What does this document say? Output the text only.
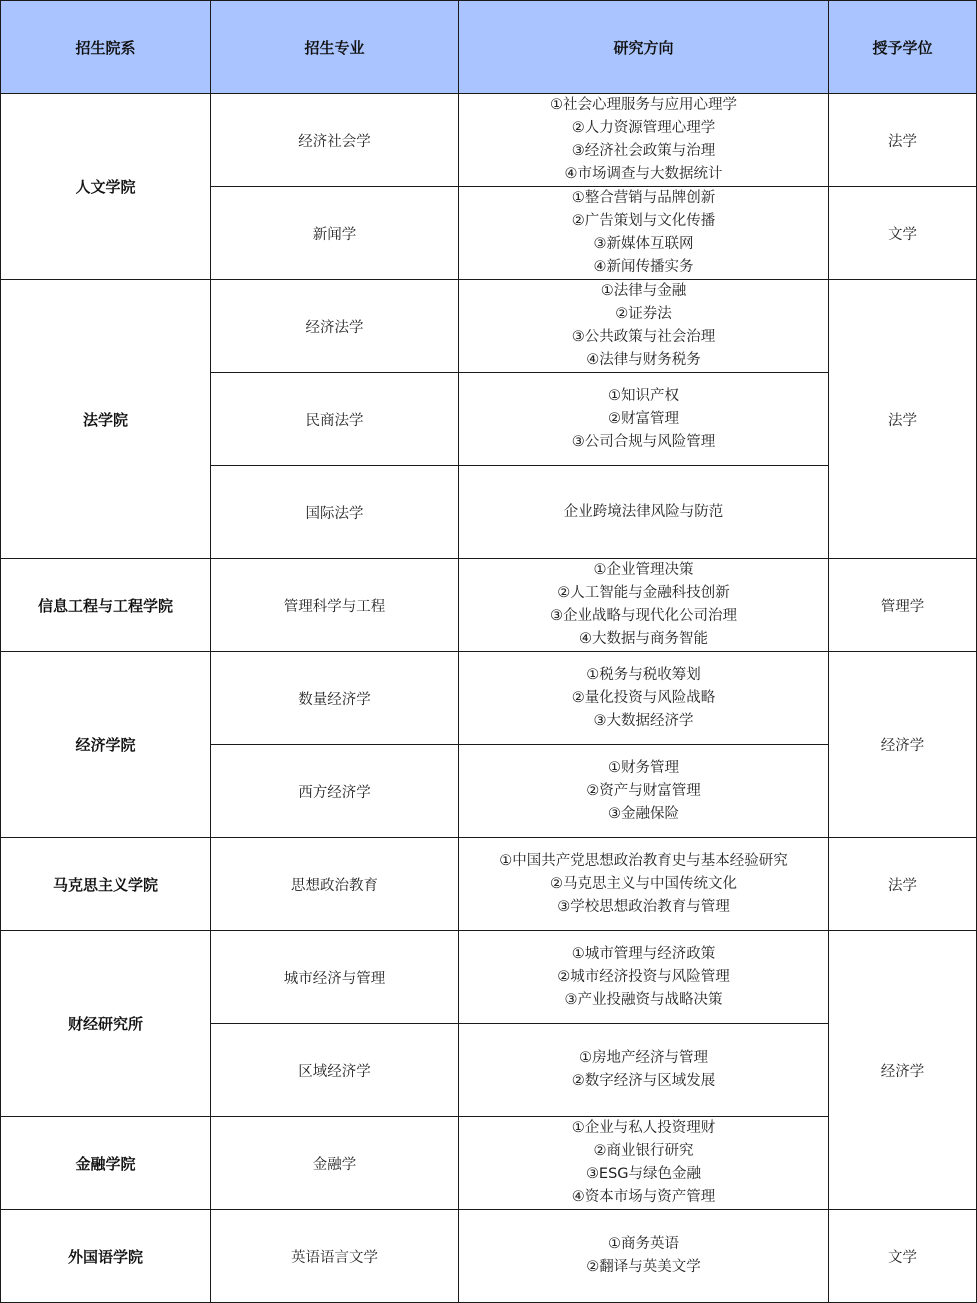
招生院系	招生专业	研究方向	授予学位
人文学院	经济社会学	①社会心理服务与应用心理学
②人力资源管理心理学
③经济社会政策与治理
④市场调查与大数据统计	法学
	新闻学	①整合营销与品牌创新
②广告策划与文化传播
③新媒体互联网
④新闻传播实务	文学
法学院	经济法学	①法律与金融
②证券法
③公共政策与社会治理
④法律与财务税务	法学
	民商法学	①知识产权
②财富管理
③公司合规与风险管理	

	国际法学	企业跨境法律风险与防范	

信息工程与工程学院	管理科学与工程	①企业管理决策
②人工智能与金融科技创新
③企业战略与现代化公司治理
④大数据与商务智能	管理学
经济学院	数量经济学	①税务与税收筹划
②量化投资与风险战略
③大数据经济学	经济学
	西方经济学	①财务管理
②资产与财富管理
③金融保险	

马克思主义学院	思想政治教育	①中国共产党思想政治教育史与基本经验研究
②马克思主义与中国传统文化
③学校思想政治教育与管理	法学
财经研究所	城市经济与管理	①城市管理与经济政策
②城市经济投资与风险管理
③产业投融资与战略决策	经济学
	区域经济学	①房地产经济与管理
②数字经济与区域发展	

金融学院	金融学	①企业与私人投资理财
②商业银行研究
③ESG与绿色金融
④资本市场与资产管理	

外国语学院	英语语言文学	①商务英语
②翻译与英美文学	文学
